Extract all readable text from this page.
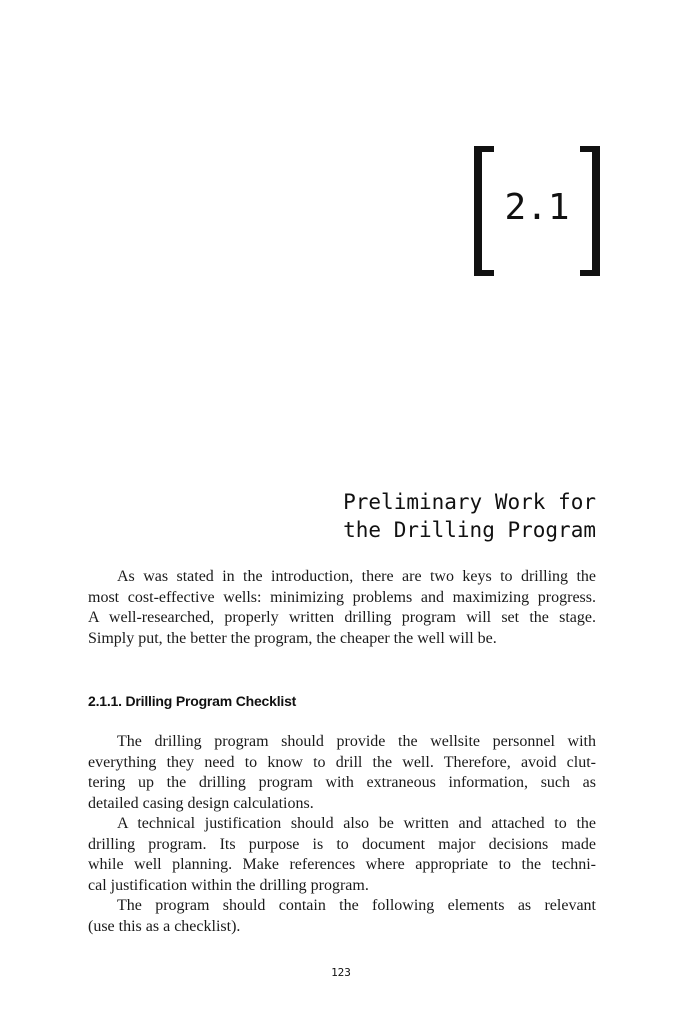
2.1
Preliminary Work for
the Drilling Program

As was stated in the introduction, there are two keys to drilling the
most cost-effective wells: minimizing problems and maximizing progress.
A well-researched, properly written drilling program will set the stage.
Simply put, the better the program, the cheaper the well will be.

2.1.1. Drilling Program Checklist

The drilling program should provide the wellsite personnel with
everything they need to know to drill the well. Therefore, avoid clut-
tering up the drilling program with extraneous information, such as
detailed casing design calculations.

A technical justification should also be written and attached to the
drilling program. Its purpose is to document major decisions made
while well planning. Make references where appropriate to the techni-
cal justification within the drilling program.

The program should contain the following elements as relevant
(use this as a checklist).

123
